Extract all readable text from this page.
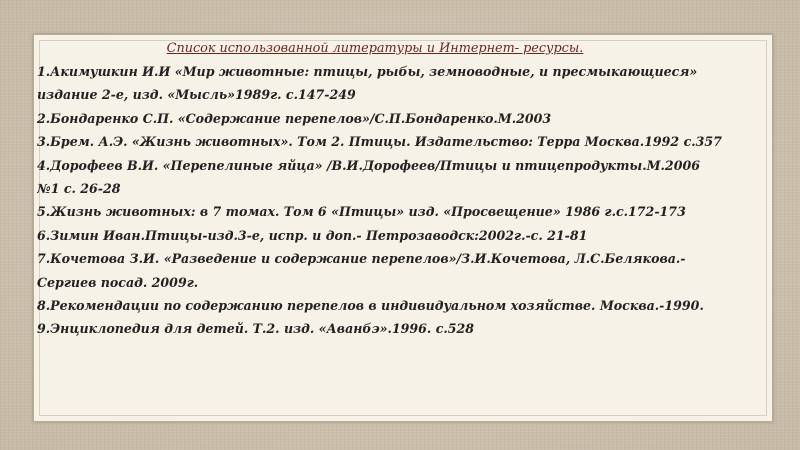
Список использованной литературы и Интернет- ресурсы.
1.Акимушкин И.И «Мир животные: птицы, рыбы, земноводные, и пресмыкающиеся»
издание 2-е, изд. «Мысль»1989г. с.147-249
2.Бондаренко С.П. «Содержание перепелов»/С.П.Бондаренко.М.2003
3.Брем. А.Э. «Жизнь животных». Том 2. Птицы. Издательство: Терра Москва.1992 с.357
4.Дорофеев В.И. «Перепелиные яйца» /В.И.Дорофеев/Птицы и птицепродукты.М.2006
№1 с. 26-28
5.Жизнь животных: в 7 томах. Том 6 «Птицы» изд. «Просвещение» 1986 г.с.172-173
6.Зимин Иван.Птицы-изд.3-е, испр. и доп.- Петрозаводск:2002г.-с. 21-81
7.Кочетова З.И. «Разведение и содержание перепелов»/З.И.Кочетова, Л.С.Белякова.-
Сергиев посад. 2009г.
8.Рекомендации по содержанию перепелов в индивидуальном хозяйстве. Москва.-1990.
9.Энциклопедия для детей. Т.2. изд. «Аванбэ».1996. с.528
